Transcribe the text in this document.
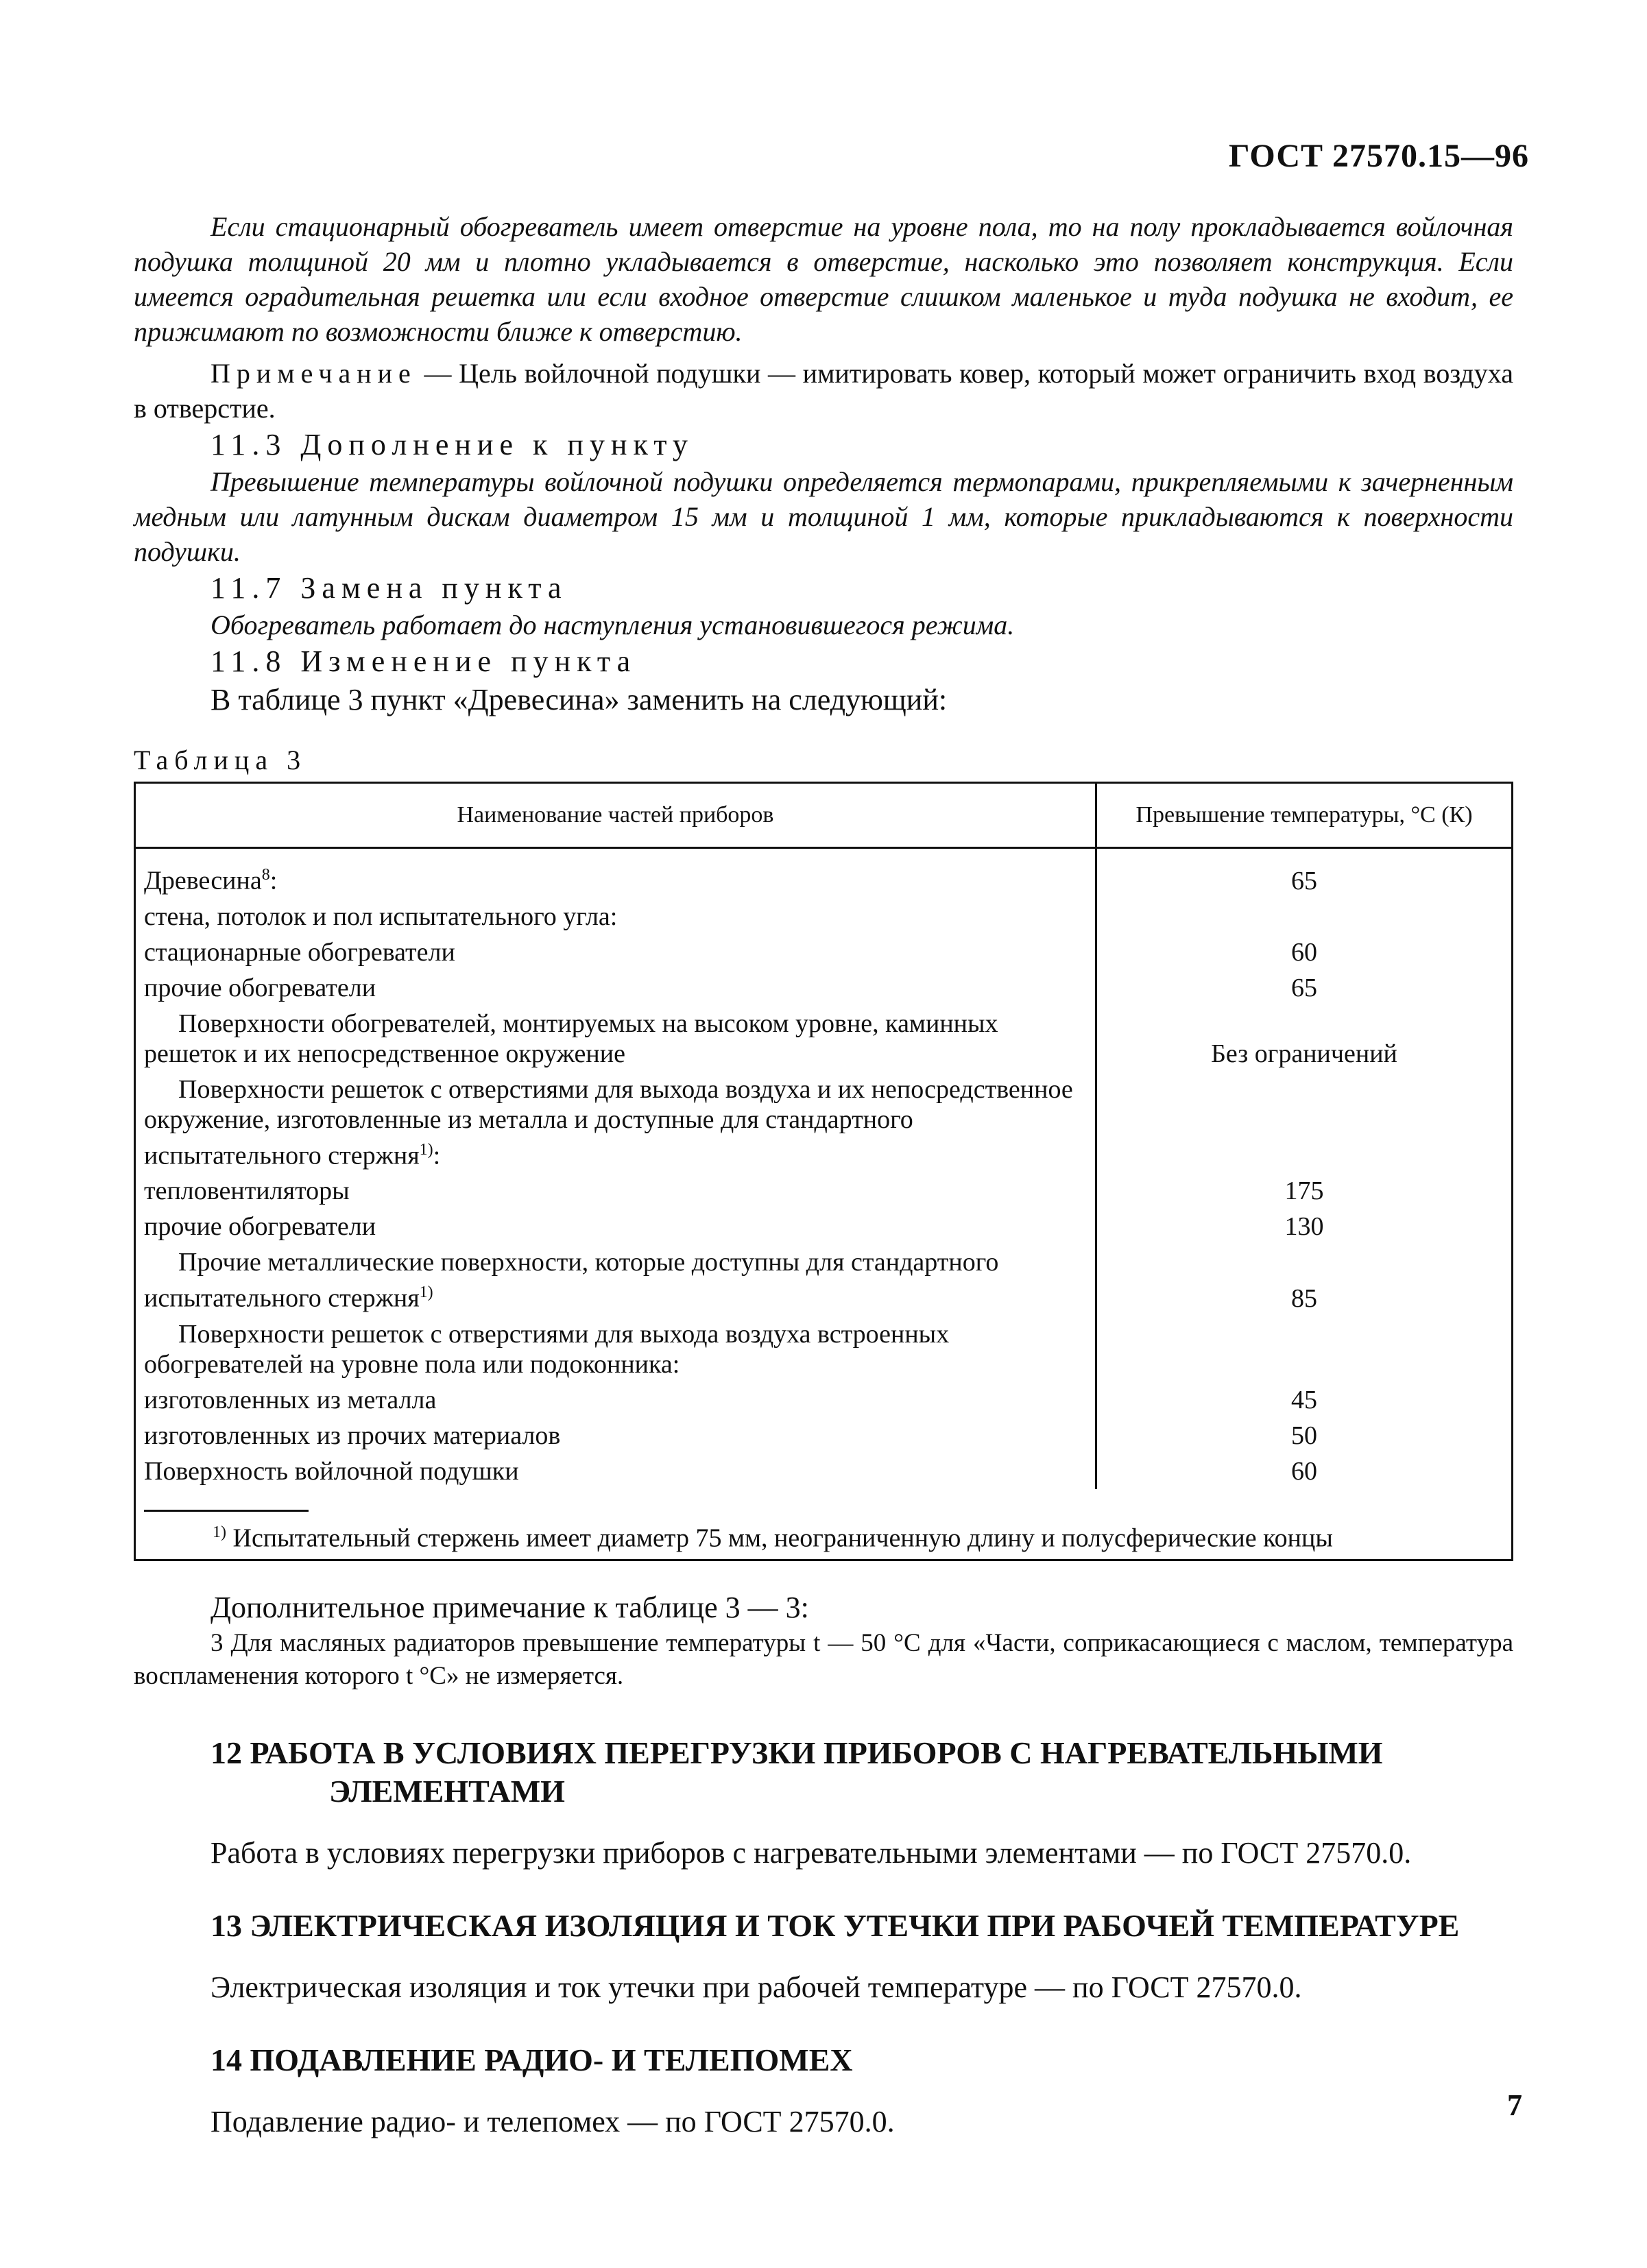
ГОСТ 27570.15—96

Если стационарный обогреватель имеет отверстие на уровне пола, то на полу прокладывается войлочная подушка толщиной 20 мм и плотно укладывается в отверстие, насколько это позволяет конструкция. Если имеется оградительная решетка или если входное отверстие слишком маленькое и туда подушка не входит, ее прижимают по возможности ближе к отверстию.

Примечание — Цель войлочной подушки — имитировать ковер, который может ограничить вход воздуха в отверстие.

11.3 Дополнение к пункту

Превышение температуры войлочной подушки определяется термопарами, прикрепляемыми к зачерненным медным или латунным дискам диаметром 15 мм и толщиной 1 мм, которые прикладываются к поверхности подушки.

11.7 Замена пункта

Обогреватель работает до наступления установившегося режима.

11.8 Изменение пункта

В таблице 3 пункт «Древесина» заменить на следующий:

Таблица 3
Наименование частей приборов	Превышение температуры, °С (К)
Древесина$^8$:	65
стена, потолок и пол испытательного угла:	
стационарные обогреватели	60
прочие обогреватели	65
Поверхности обогревателей, монтируемых на высоком уровне, каминных решеток и их непосредственное окружение	Без ограничений
Поверхности решеток с отверстиями для выхода воздуха и их непосредственное окружение, изготовленные из металла и доступные для стандартного испытательного стержня$^{1)}$:	
тепловентиляторы	175
прочие обогреватели	130
Прочие металлические поверхности, которые доступны для стандартного испытательного стержня$^{1)}$	85
Поверхности решеток с отверстиями для выхода воздуха встроенных обогревателей на уровне пола или подоконника:	
изготовленных из металла	45
изготовленных из прочих материалов	50
Поверхность войлочной подушки	60

$^{1)}$ Испытательный стержень имеет диаметр 75 мм, неограниченную длину и полусферические концы	

Дополнительное примечание к таблице 3 — 3:

3 Для масляных радиаторов превышение температуры t — 50 °С для «Части, соприкасающиеся с маслом, температура воспламенения которого t °С» не измеряется.

12 РАБОТА В УСЛОВИЯХ ПЕРЕГРУЗКИ ПРИБОРОВ С НАГРЕВАТЕЛЬНЫМИ
ЭЛЕМЕНТАМИ

Работа в условиях перегрузки приборов с нагревательными элементами — по ГОСТ 27570.0.

13 ЭЛЕКТРИЧЕСКАЯ ИЗОЛЯЦИЯ И ТОК УТЕЧКИ ПРИ РАБОЧЕЙ ТЕМПЕРАТУРЕ

Электрическая изоляция и ток утечки при рабочей температуре — по ГОСТ 27570.0.

14 ПОДАВЛЕНИЕ РАДИО- И ТЕЛЕПОМЕХ

Подавление радио- и телепомех — по ГОСТ 27570.0.	7
